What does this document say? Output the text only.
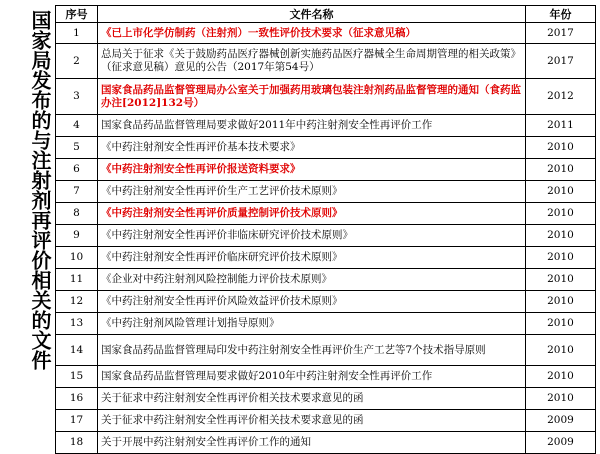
国家局发布的与注射剂再评价相关的文件 序号	文件名称	年份
1	《已上市化学仿制药（注射剂）一致性评价技术要求（征求意见稿）	2017
2	总局关于征求《关于鼓励药品医疗器械创新实施药品医疗器械全生命周期管理的相关政策》（征求意见稿）意见的公告（2017年第54号）	2017
3	国家食品药品监督管理局办公室关于加强药用玻璃包装注射剂药品监督管理的通知（食药监办注[2012]132号）	2012
4	国家食品药品监督管理局要求做好2011年中药注射剂安全性再评价工作	2011
5	《中药注射剂安全性再评价基本技术要求》	2010
6	《中药注射剂安全性再评价报送资料要求》	2010
7	《中药注射剂安全性再评价生产工艺评价技术原则》	2010
8	《中药注射剂安全性再评价质量控制评价技术原则》	2010
9	《中药注射剂安全性再评价非临床研究评价技术原则》	2010
10	《中药注射剂安全性再评价临床研究评价技术原则》	2010
11	《企业对中药注射剂风险控制能力评价技术原则》	2010
12	《中药注射剂安全性再评价风险效益评价技术原则》	2010
13	《中药注射剂风险管理计划指导原则》	2010
14	国家食品药品监督管理局印发中药注射剂安全性再评价生产工艺等7个技术指导原则	2010
15	国家食品药品监督管理局要求做好2010年中药注射剂安全性再评价工作	2010
16	关于征求中药注射剂安全性再评价相关技术要求意见的函	2010
17	关于征求中药注射剂安全性再评价相关技术要求意见的函	2009
18	关于开展中药注射剂安全性再评价工作的通知	2009
